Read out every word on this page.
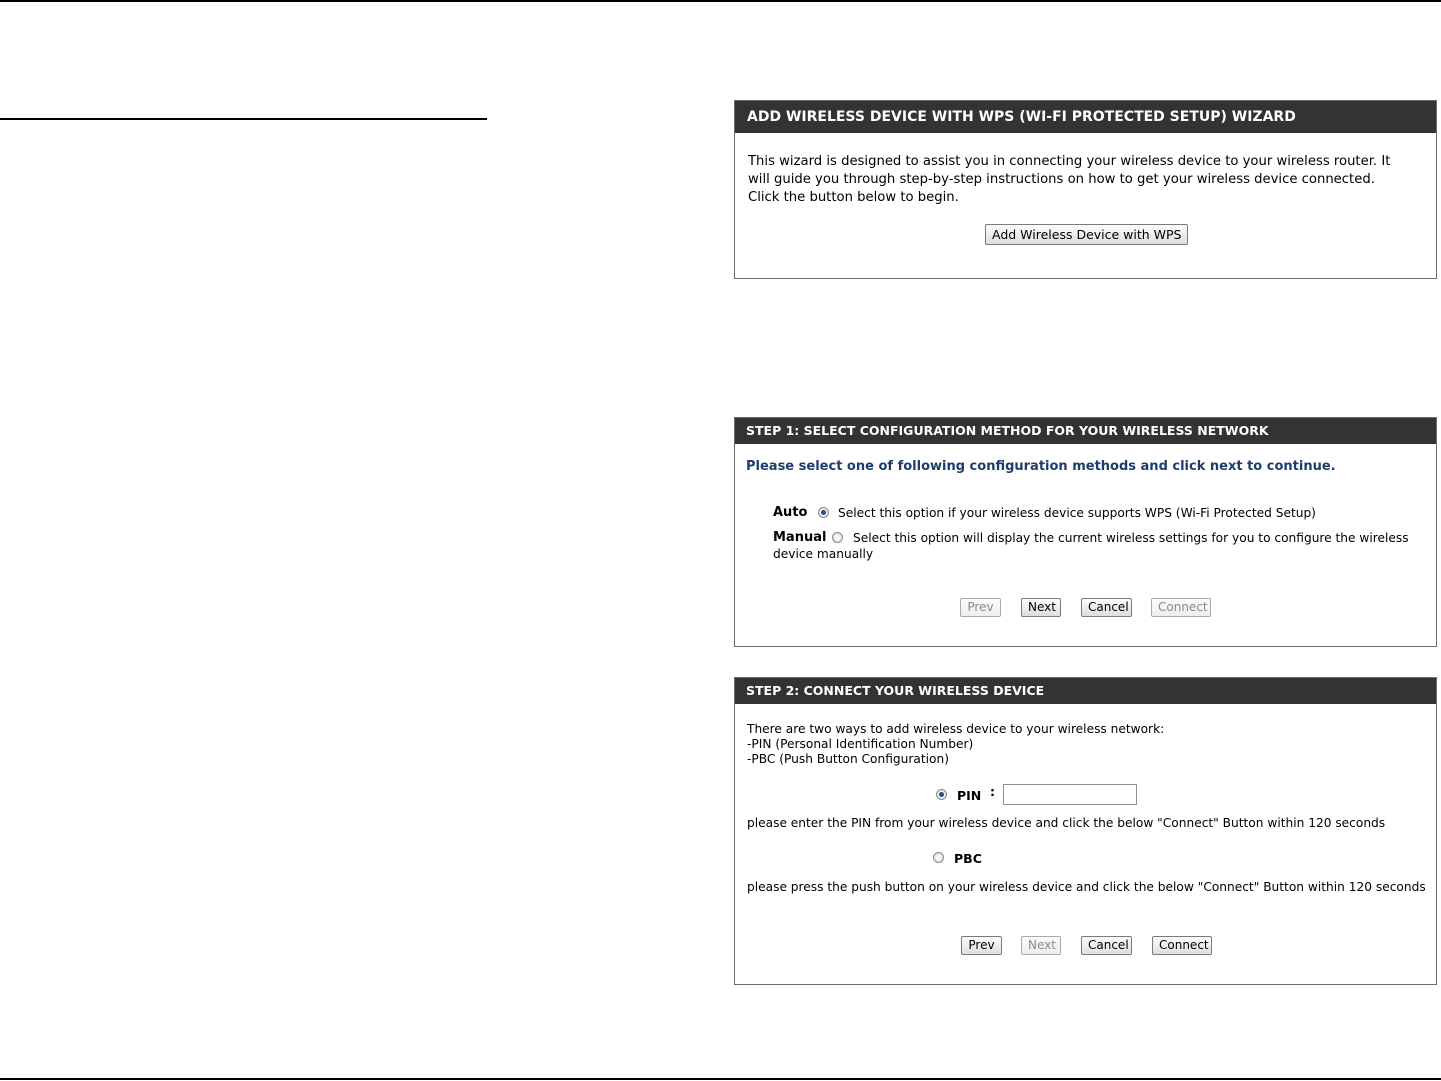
ADD WIRELESS DEVICE WITH WPS (WI-FI PROTECTED SETUP) WIZARD
This wizard is designed to assist you in connecting your wireless device to your wireless router. It
will guide you through step-by-step instructions on how to get your wireless device connected.
Click the button below to begin.
Add Wireless Device with WPS
STEP 1: SELECT CONFIGURATION METHOD FOR YOUR WIRELESS NETWORK
Please select one of following configuration methods and click next to continue.
Auto	Select this option if your wireless device supports WPS (Wi-Fi Protected Setup)
Manual Select this option will display the current wireless settings for you to configure the wireless
device manually
Prev	Next	Cancel	Connect
STEP 2: CONNECT YOUR WIRELESS DEVICE
There are two ways to add wireless device to your wireless network:
-PIN (Personal Identification Number)
-PBC (Push Button Configuration)
PIN :
please enter the PIN from your wireless device and click the below "Connect" Button within 120 seconds
PBC
please press the push button on your wireless device and click the below "Connect" Button within 120 seconds
Prev	Next	Cancel	Connect
